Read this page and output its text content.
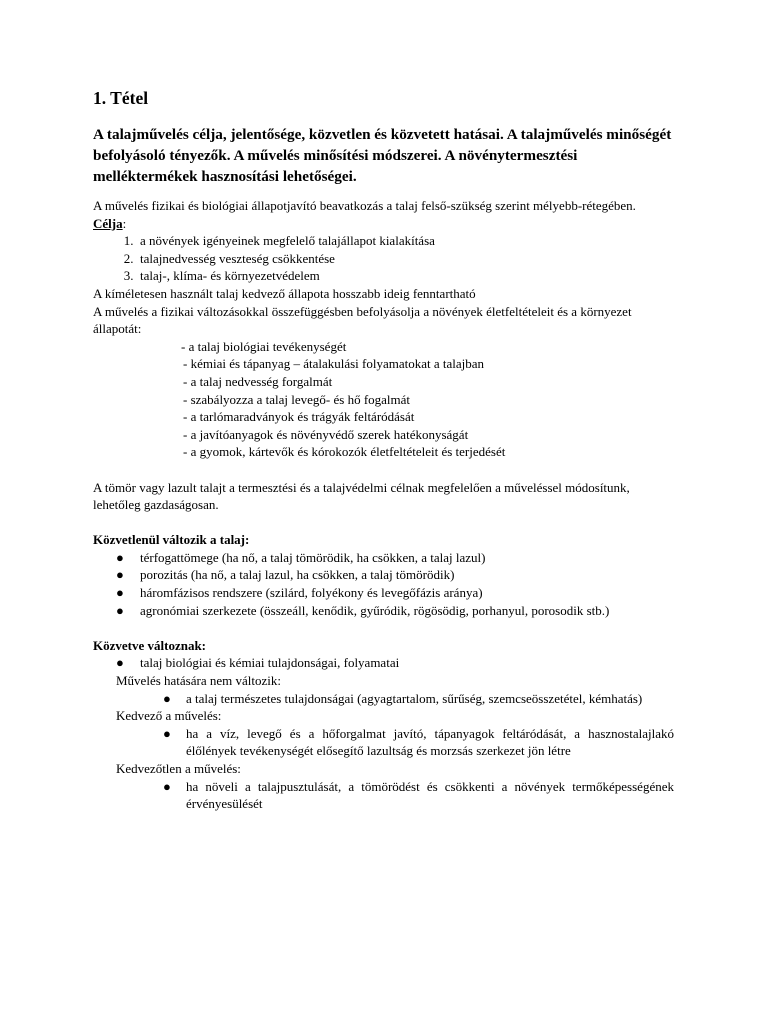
1. Tétel

A talajművelés célja, jelentősége, közvetlen és közvetett hatásai. A talajművelés minőségét befolyásoló tényezők. A művelés minősítési módszerei. A növénytermesztési melléktermékek hasznosítási lehetőségei.

A művelés fizikai és biológiai állapotjavító beavatkozás a talaj felső-szükség szerint mélyebb-rétegében.

Célja:

1. a növények igényeinek megfelelő talajállapot kialakítása
2. talajnedvesség veszteség csökkentése
3. talaj-, klíma- és környezetvédelem

A kíméletesen használt talaj kedvező állapota hosszabb ideig fenntartható

A művelés a fizikai változásokkal összefüggésben befolyásolja a növények életfeltételeit és a környezet állapotát:

- a talaj biológiai tevékenységét
- kémiai és tápanyag – átalakulási folyamatokat a talajban
- a talaj nedvesség forgalmát
- szabályozza a talaj levegő- és hő fogalmát
- a tarlómaradványok és trágyák feltáródását
- a javítóanyagok és növényvédő szerek hatékonyságát
- a gyomok, kártevők és kórokozók életfeltételeit és terjedését

A tömör vagy lazult talajt a termesztési és a talajvédelmi célnak megfelelően a műveléssel módosítunk, lehetőleg gazdaságosan.

Közvetlenül változik a talaj:
● térfogattömege (ha nő, a talaj tömörödik, ha csökken, a talaj lazul)
● porozitás (ha nő, a talaj lazul, ha csökken, a talaj tömörödik)
● háromfázisos rendszere (szilárd, folyékony és levegőfázis aránya)
● agronómiai szerkezete (összeáll, kenődik, gyűródik, rögösödig, porhanyul, porosodik stb.)
Közvetve változnak:
● talaj biológiai és kémiai tulajdonságai, folyamatai

Művelés hatására nem változik:

● a talaj természetes tulajdonságai (agyagtartalom, sűrűség, szemcseösszetétel, kémhatás)

Kedvező a művelés:

● ha a víz, levegő és a hőforgalmat javító, tápanyagok feltáródását, a hasznostalajlakó élőlények tevékenységét elősegítő lazultság és morzsás szerkezet jön létre

Kedvezőtlen a művelés:

● ha növeli a talajpusztulását, a tömörödést és csökkenti a növények termőképességének érvényesülését
